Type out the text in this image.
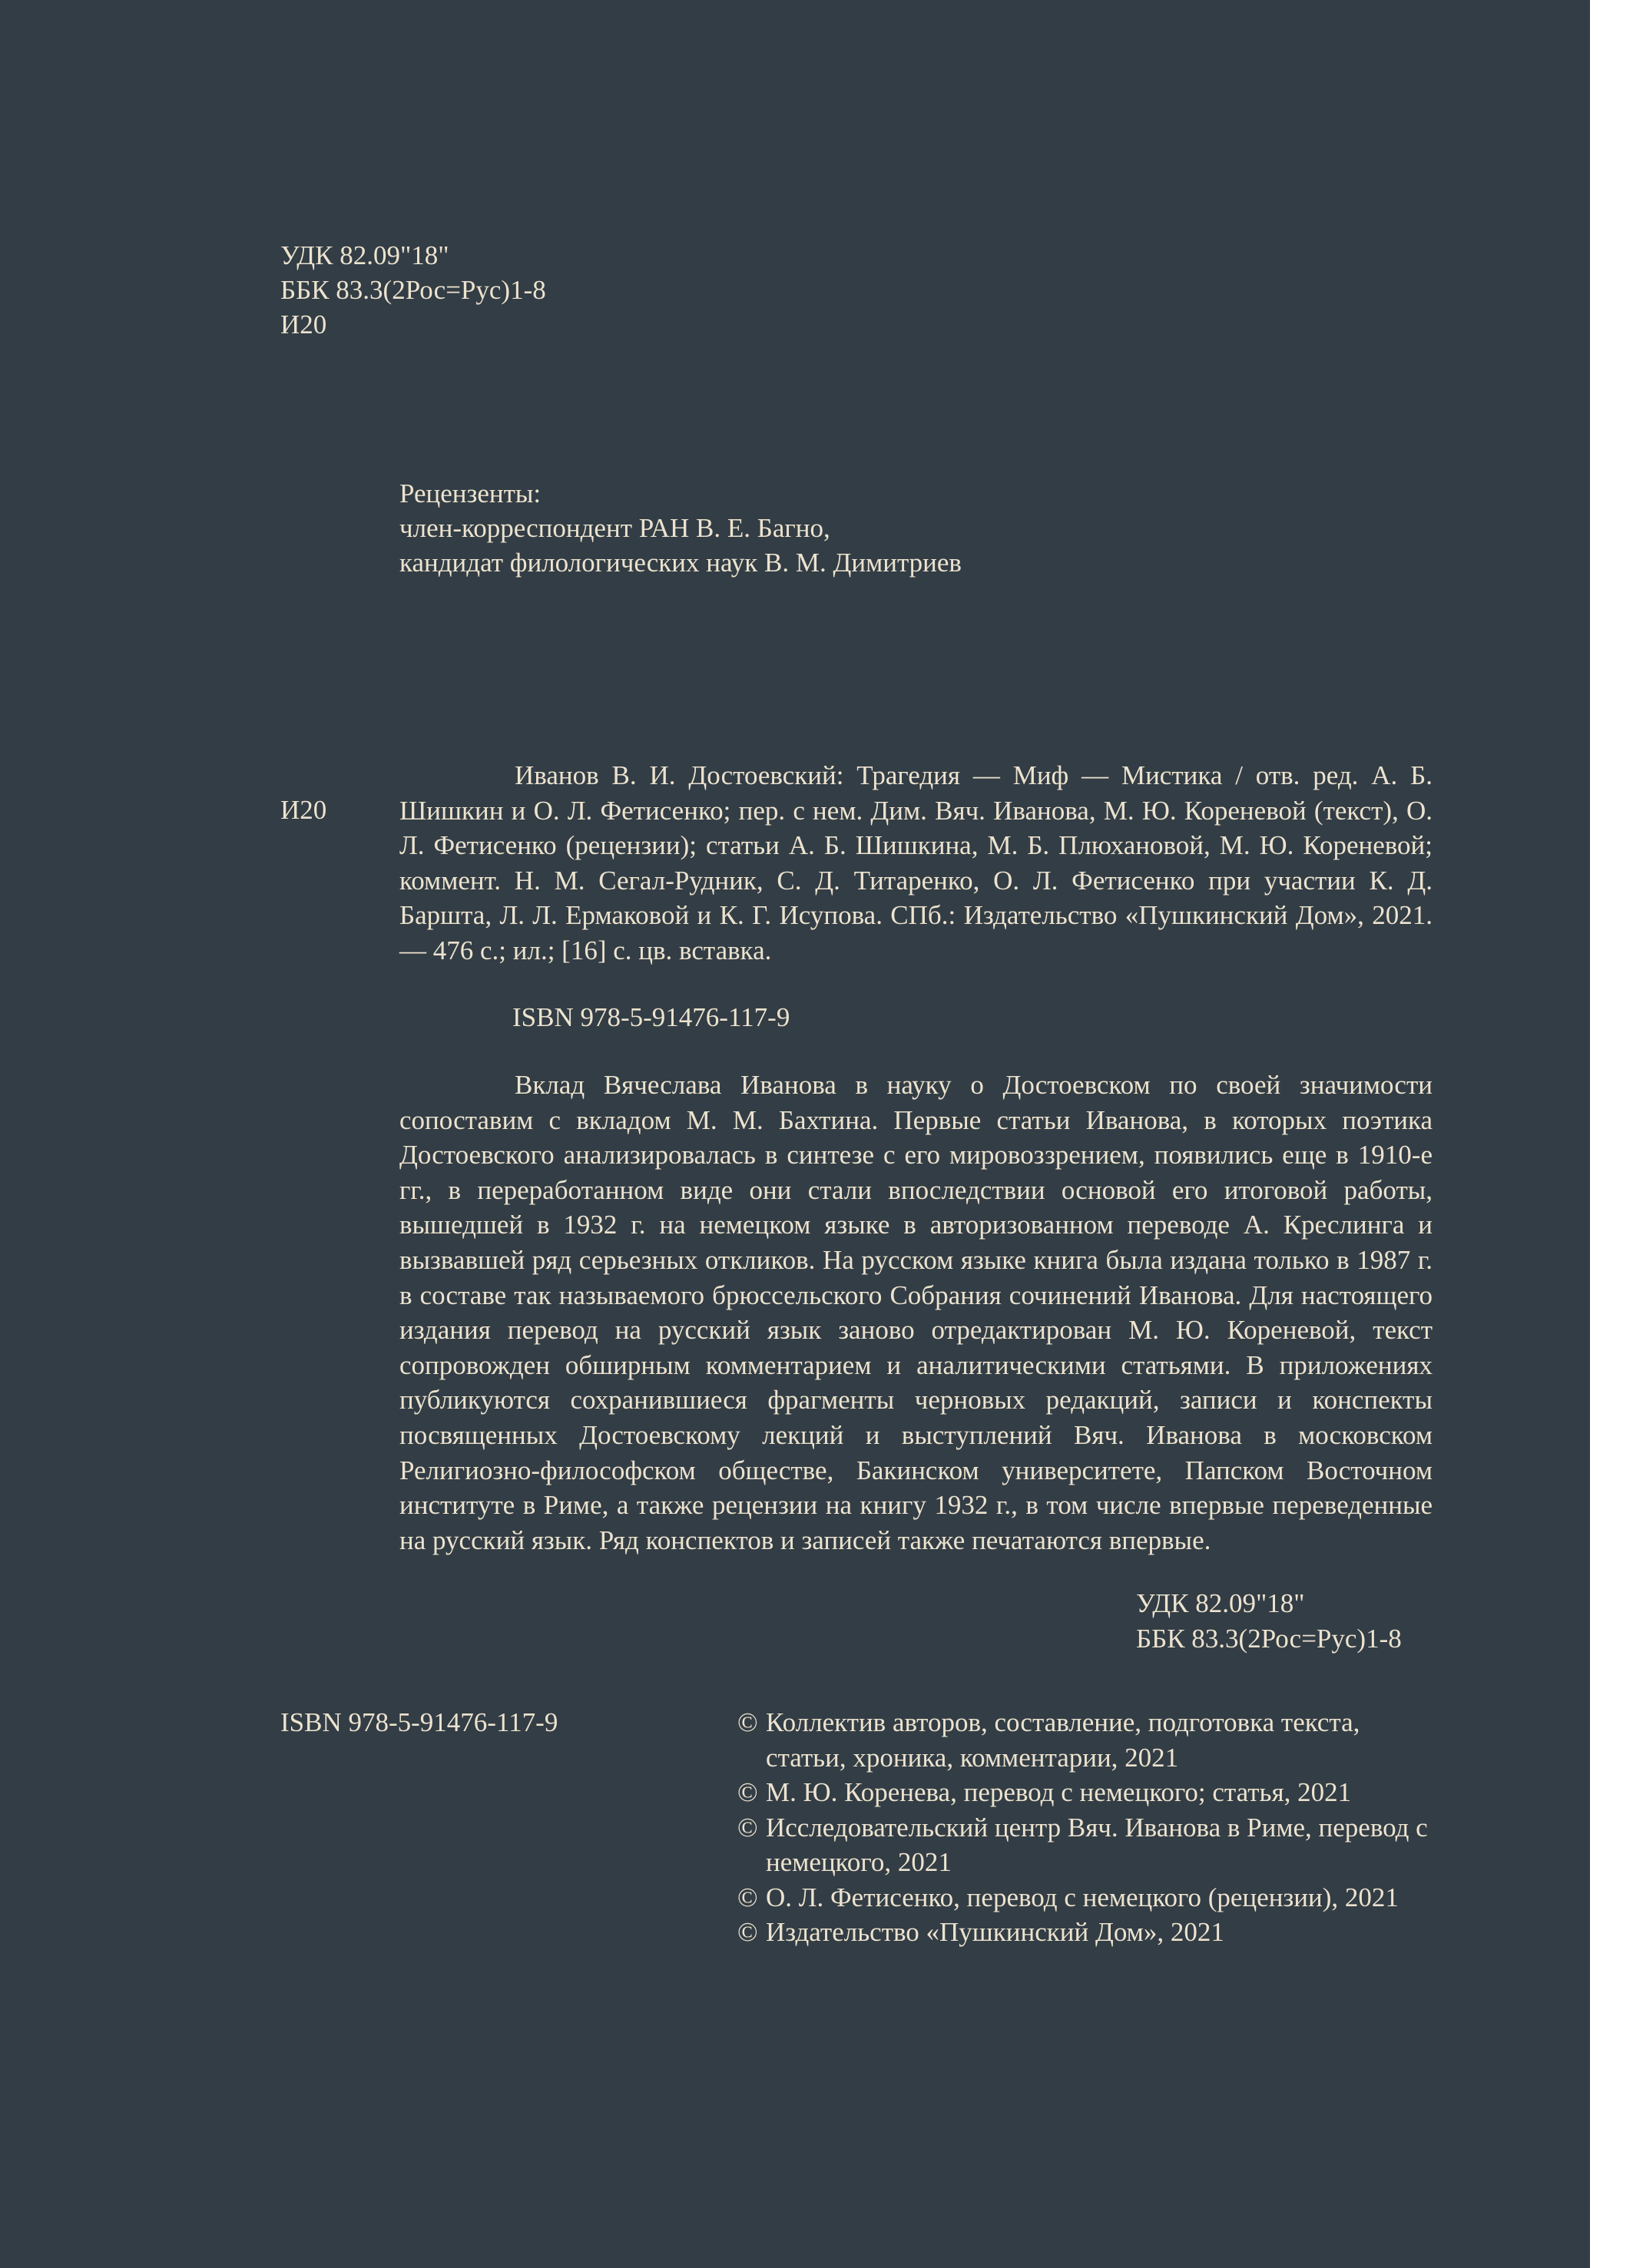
УДК 82.09"18"

ББК 83.3(2Рос=Рус)1-8

И20

Рецензенты:

член-корреспондент РАН В. Е. Багно,

кандидат филологических наук В. М. Димитриев

И20

Иванов В. И. Достоевский: Трагедия — Миф — Мистика / отв. ред. А. Б. Шишкин и О. Л. Фетисенко; пер. с нем. Дим. Вяч. Иванова, М. Ю. Кореневой (текст), О. Л. Фетисенко (рецензии); статьи А. Б. Шишкина, М. Б. Плюхановой, М. Ю. Кореневой; коммент. Н. М. Сегал-Рудник, С. Д. Титаренко, О. Л. Фетисенко при участии К. Д. Баршта, Л. Л. Ермаковой и К. Г. Исупова. СПб.: Издательство «Пушкинский Дом», 2021. — 476 с.; ил.; [16] с. цв. вставка.

ISBN 978-5-91476-117-9

Вклад Вячеслава Иванова в науку о Достоевском по своей значимости сопоставим с вкладом М. М. Бахтина. Первые статьи Иванова, в которых поэтика Достоевского анализировалась в синтезе с его мировоззрением, появились еще в 1910-е гг., в переработанном виде они стали впоследствии основой его итоговой работы, вышедшей в 1932 г. на немецком языке в авторизованном переводе А. Креслинга и вызвавшей ряд серьезных откликов. На русском языке книга была издана только в 1987 г. в составе так называемого брюссельского Собрания сочинений Иванова. Для настоящего издания перевод на русский язык заново отредактирован М. Ю. Кореневой, текст сопровожден обширным комментарием и аналитическими статьями. В приложениях публикуются сохранившиеся фрагменты черновых редакций, записи и конспекты посвященных Достоевскому лекций и выступлений Вяч. Иванова в московском Религиозно-философском обществе, Бакинском университете, Папском Восточном институте в Риме, а также рецензии на книгу 1932 г., в том числе впервые переведенные на русский язык. Ряд конспектов и записей также печатаются впервые.

УДК 82.09"18"

ББК 83.3(2Рос=Рус)1-8

ISBN 978-5-91476-117-9	© Коллектив авторов, составление, подготовка текста, статьи, хроника, комментарии, 2021
© М. Ю. Коренева, перевод с немецкого; статья, 2021
© Исследовательский центр Вяч. Иванова в Риме, перевод с немецкого, 2021
© О. Л. Фетисенко, перевод с немецкого (рецензии), 2021
© Издательство «Пушкинский Дом», 2021
